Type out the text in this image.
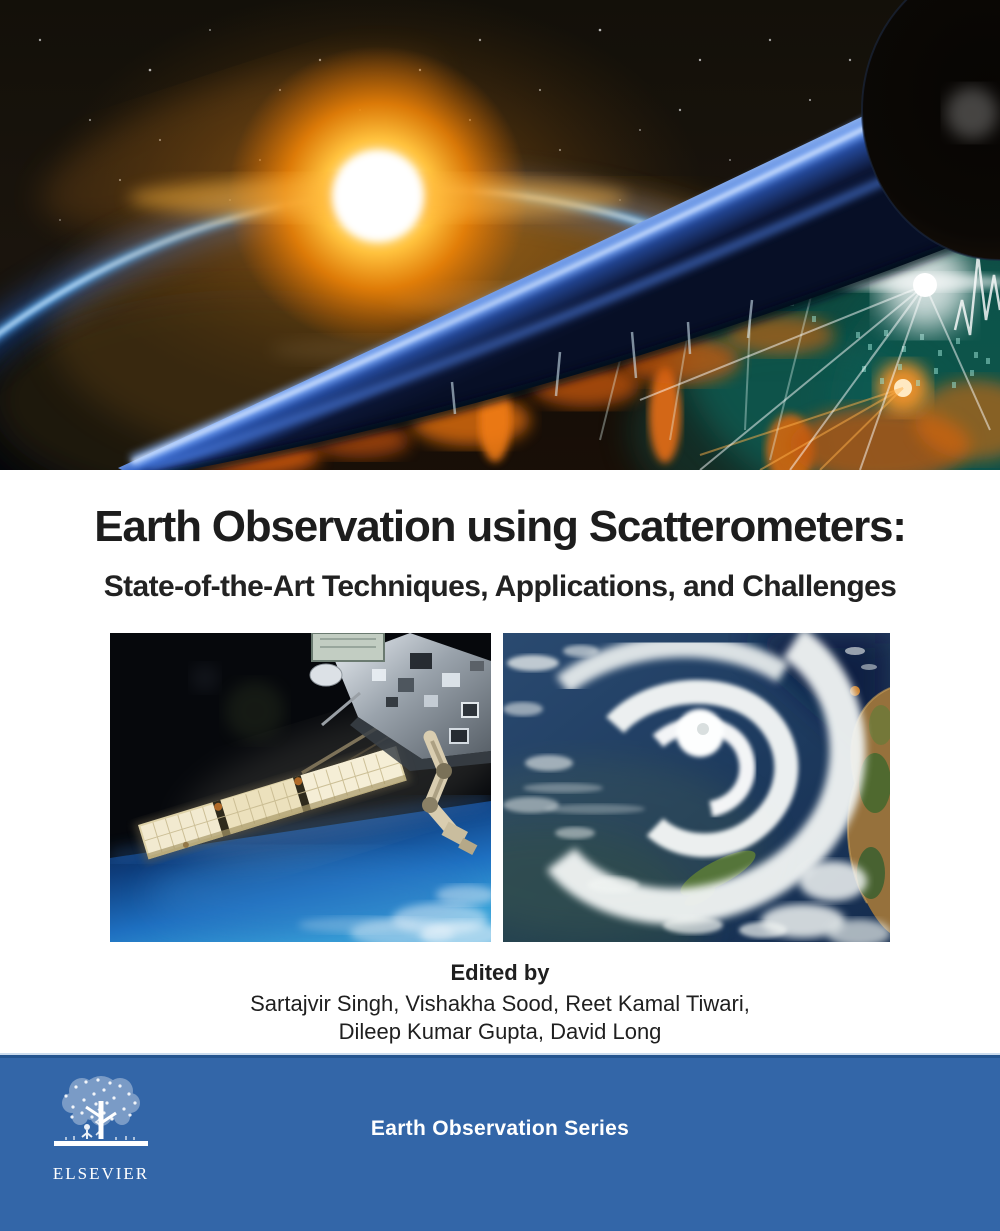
Earth Observation using Scatterometers:
State-of-the-Art Techniques, Applications, and Challenges
Edited by
Sartajvir Singh, Vishakha Sood, Reet Kamal Tiwari,
Dileep Kumar Gupta, David Long
ELSEVIER
Earth Observation Series
